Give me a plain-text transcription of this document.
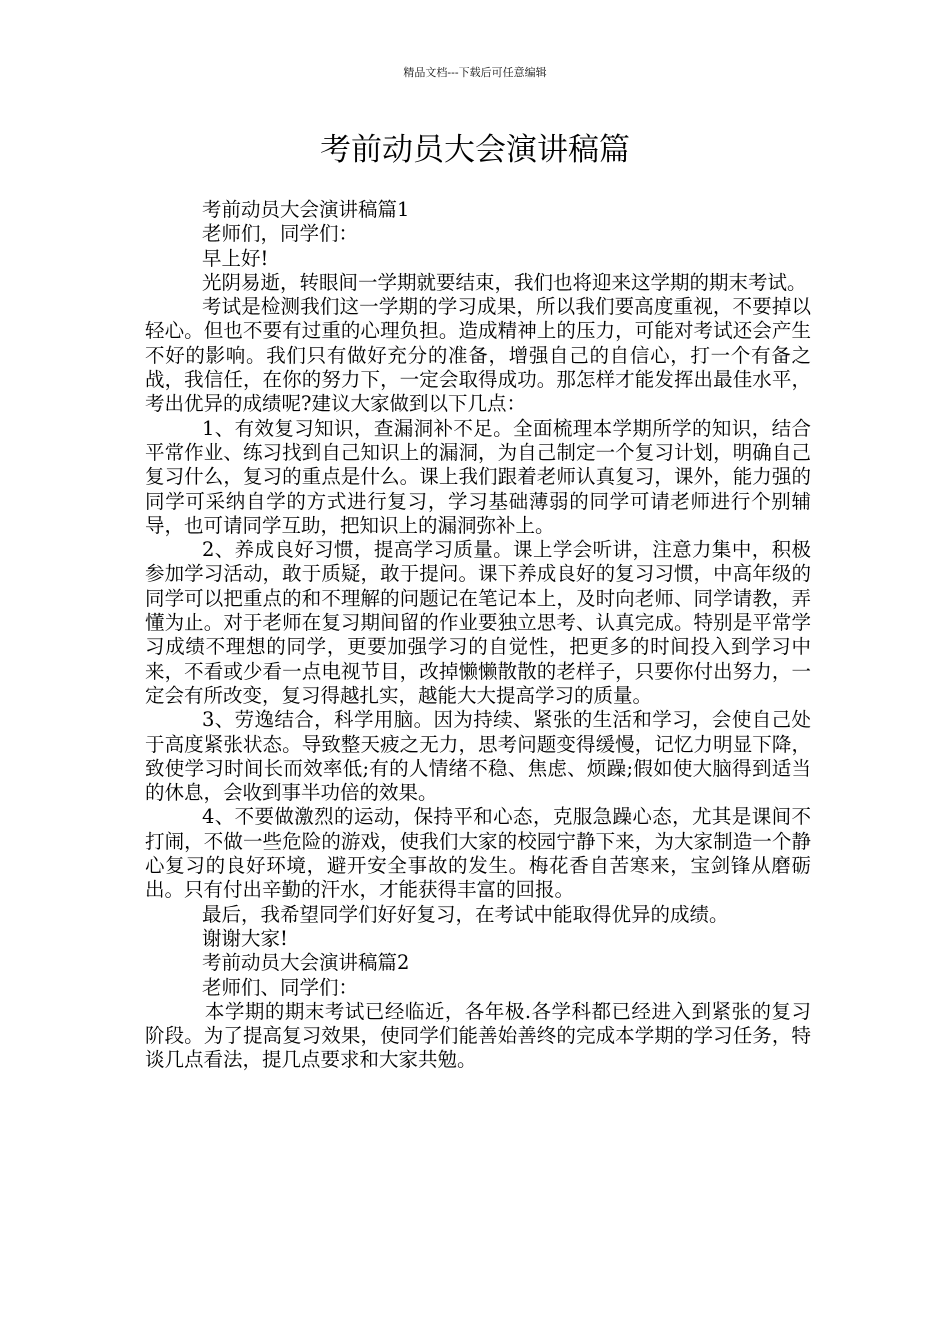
精品文档---下载后可任意编辑
考前动员大会演讲稿篇

考前动员大会演讲稿篇1

老师们，同学们：

早上好!

光阴易逝，转眼间一学期就要结束，我们也将迎来这学期的期末考试。

考试是检测我们这一学期的学习成果，所以我们要高度重视，不要掉以轻心。但也不要有过重的心理负担。造成精神上的压力，可能对考试还会产生不好的影响。我们只有做好充分的准备，增强自己的自信心，打一个有备之战，我信任，在你的努力下，一定会取得成功。那怎样才能发挥出最佳水平，考出优异的成绩呢?建议大家做到以下几点：

1、有效复习知识，查漏洞补不足。全面梳理本学期所学的知识，结合平常作业、练习找到自己知识上的漏洞，为自己制定一个复习计划，明确自己复习什么，复习的重点是什么。课上我们跟着老师认真复习，课外，能力强的同学可采纳自学的方式进行复习，学习基础薄弱的同学可请老师进行个别辅导，也可请同学互助，把知识上的漏洞弥补上。

2、养成良好习惯，提高学习质量。课上学会听讲，注意力集中，积极参加学习活动，敢于质疑，敢于提问。课下养成良好的复习习惯，中高年级的同学可以把重点的和不理解的问题记在笔记本上，及时向老师、同学请教，弄懂为止。对于老师在复习期间留的作业要独立思考、认真完成。特别是平常学习成绩不理想的同学，更要加强学习的自觉性，把更多的时间投入到学习中来，不看或少看一点电视节目，改掉懒懒散散的老样子，只要你付出努力，一定会有所改变，复习得越扎实，越能大大提高学习的质量。

3、劳逸结合，科学用脑。因为持续、紧张的生活和学习，会使自己处于高度紧张状态。导致整天疲之无力，思考问题变得缓慢，记忆力明显下降，致使学习时间长而效率低;有的人情绪不稳、焦虑、烦躁;假如使大脑得到适当的休息，会收到事半功倍的效果。

4、不要做激烈的运动，保持平和心态，克服急躁心态，尤其是课间不打闹，不做一些危险的游戏，使我们大家的校园宁静下来，为大家制造一个静心复习的良好环境，避开安全事故的发生。梅花香自苦寒来，宝剑锋从磨砺出。只有付出辛勤的汗水，才能获得丰富的回报。

最后，我希望同学们好好复习，在考试中能取得优异的成绩。

谢谢大家!

考前动员大会演讲稿篇2

老师们、同学们：

本学期的期末考试已经临近，各年极.各学科都已经进入到紧张的复习阶段。为了提高复习效果，使同学们能善始善终的完成本学期的学习任务，特谈几点看法，提几点要求和大家共勉。
